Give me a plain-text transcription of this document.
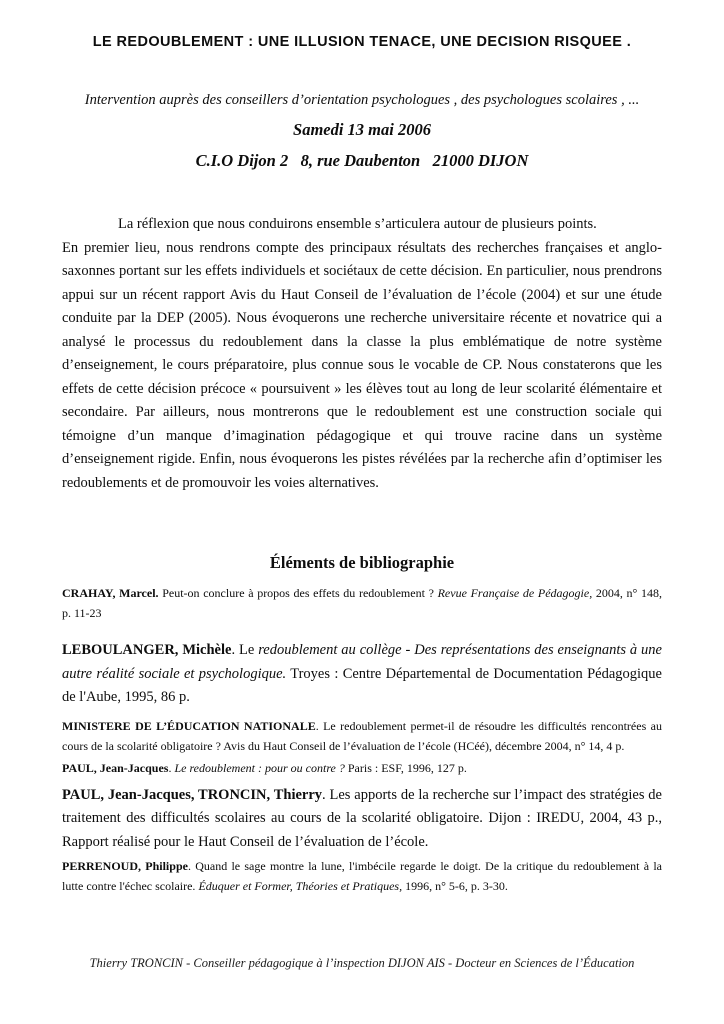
LE REDOUBLEMENT : UNE ILLUSION TENACE, UNE DECISION RISQUEE .

Intervention auprès des conseillers d’orientation psychologues , des psychologues scolaires , ...

Samedi 13 mai 2006

C.I.O Dijon 2   8, rue Daubenton   21000 DIJON

La réflexion que nous conduirons ensemble s’articulera autour de plusieurs points.

En premier lieu, nous rendrons compte des principaux résultats des recherches françaises et anglo-saxonnes portant sur les effets individuels et sociétaux de cette décision. En particulier, nous prendrons appui sur un récent rapport Avis du Haut Conseil de l’évaluation de l’école (2004) et sur une étude conduite par la DEP (2005). Nous évoquerons une recherche universitaire récente et novatrice qui a analysé le processus du redoublement dans la classe la plus emblématique de notre système d’enseignement, le cours préparatoire, plus connue sous le vocable de CP. Nous constaterons que les effets de cette décision précoce « poursuivent » les élèves tout au long de leur scolarité élémentaire et secondaire. Par ailleurs, nous montrerons que le redoublement est une construction sociale qui témoigne d’un manque d’imagination pédagogique et qui trouve racine dans un système d’enseignement rigide. Enfin, nous évoquerons les pistes révélées par la recherche afin d’optimiser les redoublements et de promouvoir les voies alternatives.

Éléments de bibliographie

CRAHAY, Marcel. Peut-on conclure à propos des effets du redoublement ? Revue Française de Pédagogie, 2004, n° 148, p. 11-23

LEBOULANGER, Michèle. Le redoublement au collège - Des représentations des enseignants à une autre réalité sociale et psychologique. Troyes : Centre Départemental de Documentation Pédagogique de l'Aube, 1995, 86 p.

MINISTERE DE L’ÉDUCATION NATIONALE. Le redoublement permet-il de résoudre les difficultés rencontrées au cours de la scolarité obligatoire ? Avis du Haut Conseil de l’évaluation de l’école (HCéé), décembre 2004, n° 14, 4 p.

PAUL, Jean-Jacques. Le redoublement : pour ou contre ? Paris : ESF, 1996, 127 p.

PAUL, Jean-Jacques, TRONCIN, Thierry. Les apports de la recherche sur l’impact des stratégies de traitement des difficultés scolaires au cours de la scolarité obligatoire. Dijon : IREDU, 2004, 43 p., Rapport réalisé pour le Haut Conseil de l’évaluation de l’école.

PERRENOUD, Philippe. Quand le sage montre la lune, l'imbécile regarde le doigt. De la critique du redoublement à la lutte contre l'échec scolaire. Éduquer et Former, Théories et Pratiques, 1996, n° 5-6, p. 3-30.

Thierry TRONCIN - Conseiller pédagogique à l’inspection DIJON AIS - Docteur en Sciences de l’Éducation
